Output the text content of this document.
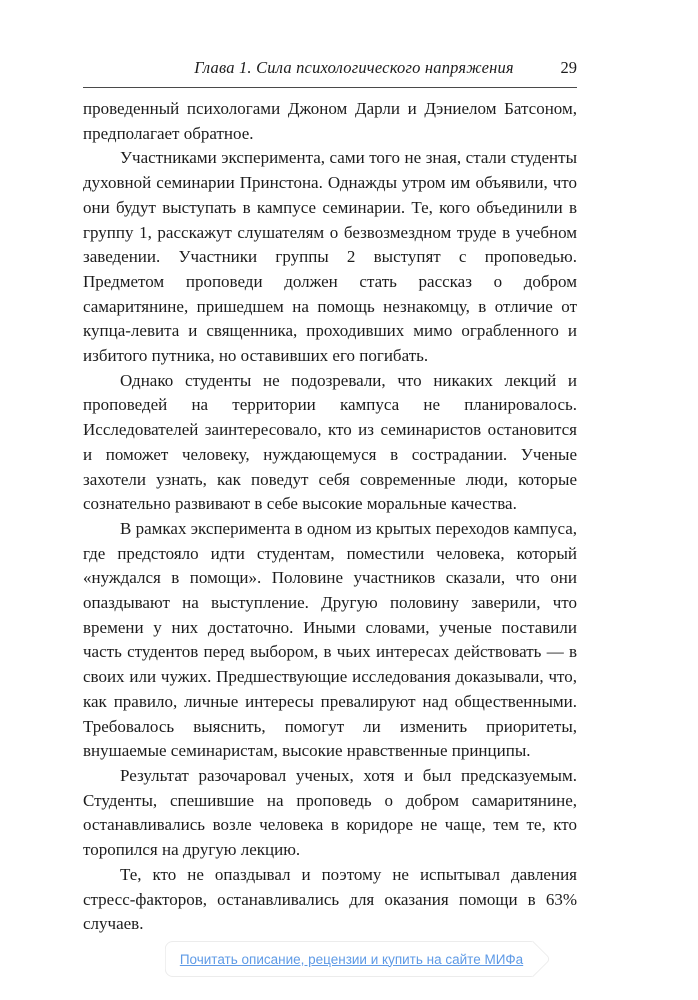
Глава 1. Сила психологического напряжения	29

проведенный психологами Джоном Дарли и Дэниелом Батсоном, предполагает обратное.

Участниками эксперимента, сами того не зная, стали студенты духовной семинарии Принстона. Однажды утром им объявили, что они будут выступать в кампусе семинарии. Те, кого объединили в группу 1, расскажут слушателям о безвозмездном труде в учебном заведении. Участники группы 2 выступят с проповедью. Предметом проповеди должен стать рассказ о добром самаритянине, пришедшем на помощь незнакомцу, в отличие от купца-левита и священника, проходивших мимо ограбленного и избитого путника, но оставивших его погибать.

Однако студенты не подозревали, что никаких лекций и проповедей на территории кампуса не планировалось. Исследователей заинтересовало, кто из семинаристов остановится и поможет человеку, нуждающемуся в сострадании. Ученые захотели узнать, как поведут себя современные люди, которые сознательно развивают в себе высокие моральные качества.

В рамках эксперимента в одном из крытых переходов кампуса, где предстояло идти студентам, поместили человека, который «нуждался в помощи». Половине участников сказали, что они опаздывают на выступление. Другую половину заверили, что времени у них достаточно. Иными словами, ученые поставили часть студентов перед выбором, в чьих интересах действовать — в своих или чужих. Предшествующие исследования доказывали, что, как правило, личные интересы превалируют над общественными. Требовалось выяснить, помогут ли изменить приоритеты, внушаемые семинаристам, высокие нравственные принципы.

Результат разочаровал ученых, хотя и был предсказуемым. Студенты, спешившие на проповедь о добром самаритянине, останавливались возле человека в коридоре не чаще, тем те, кто торопился на другую лекцию.

Те, кто не опаздывал и поэтому не испытывал давления стресс-факторов, останавливались для оказания помощи в 63% случаев.

Почитать описание, рецензии и купить на сайте МИФа
